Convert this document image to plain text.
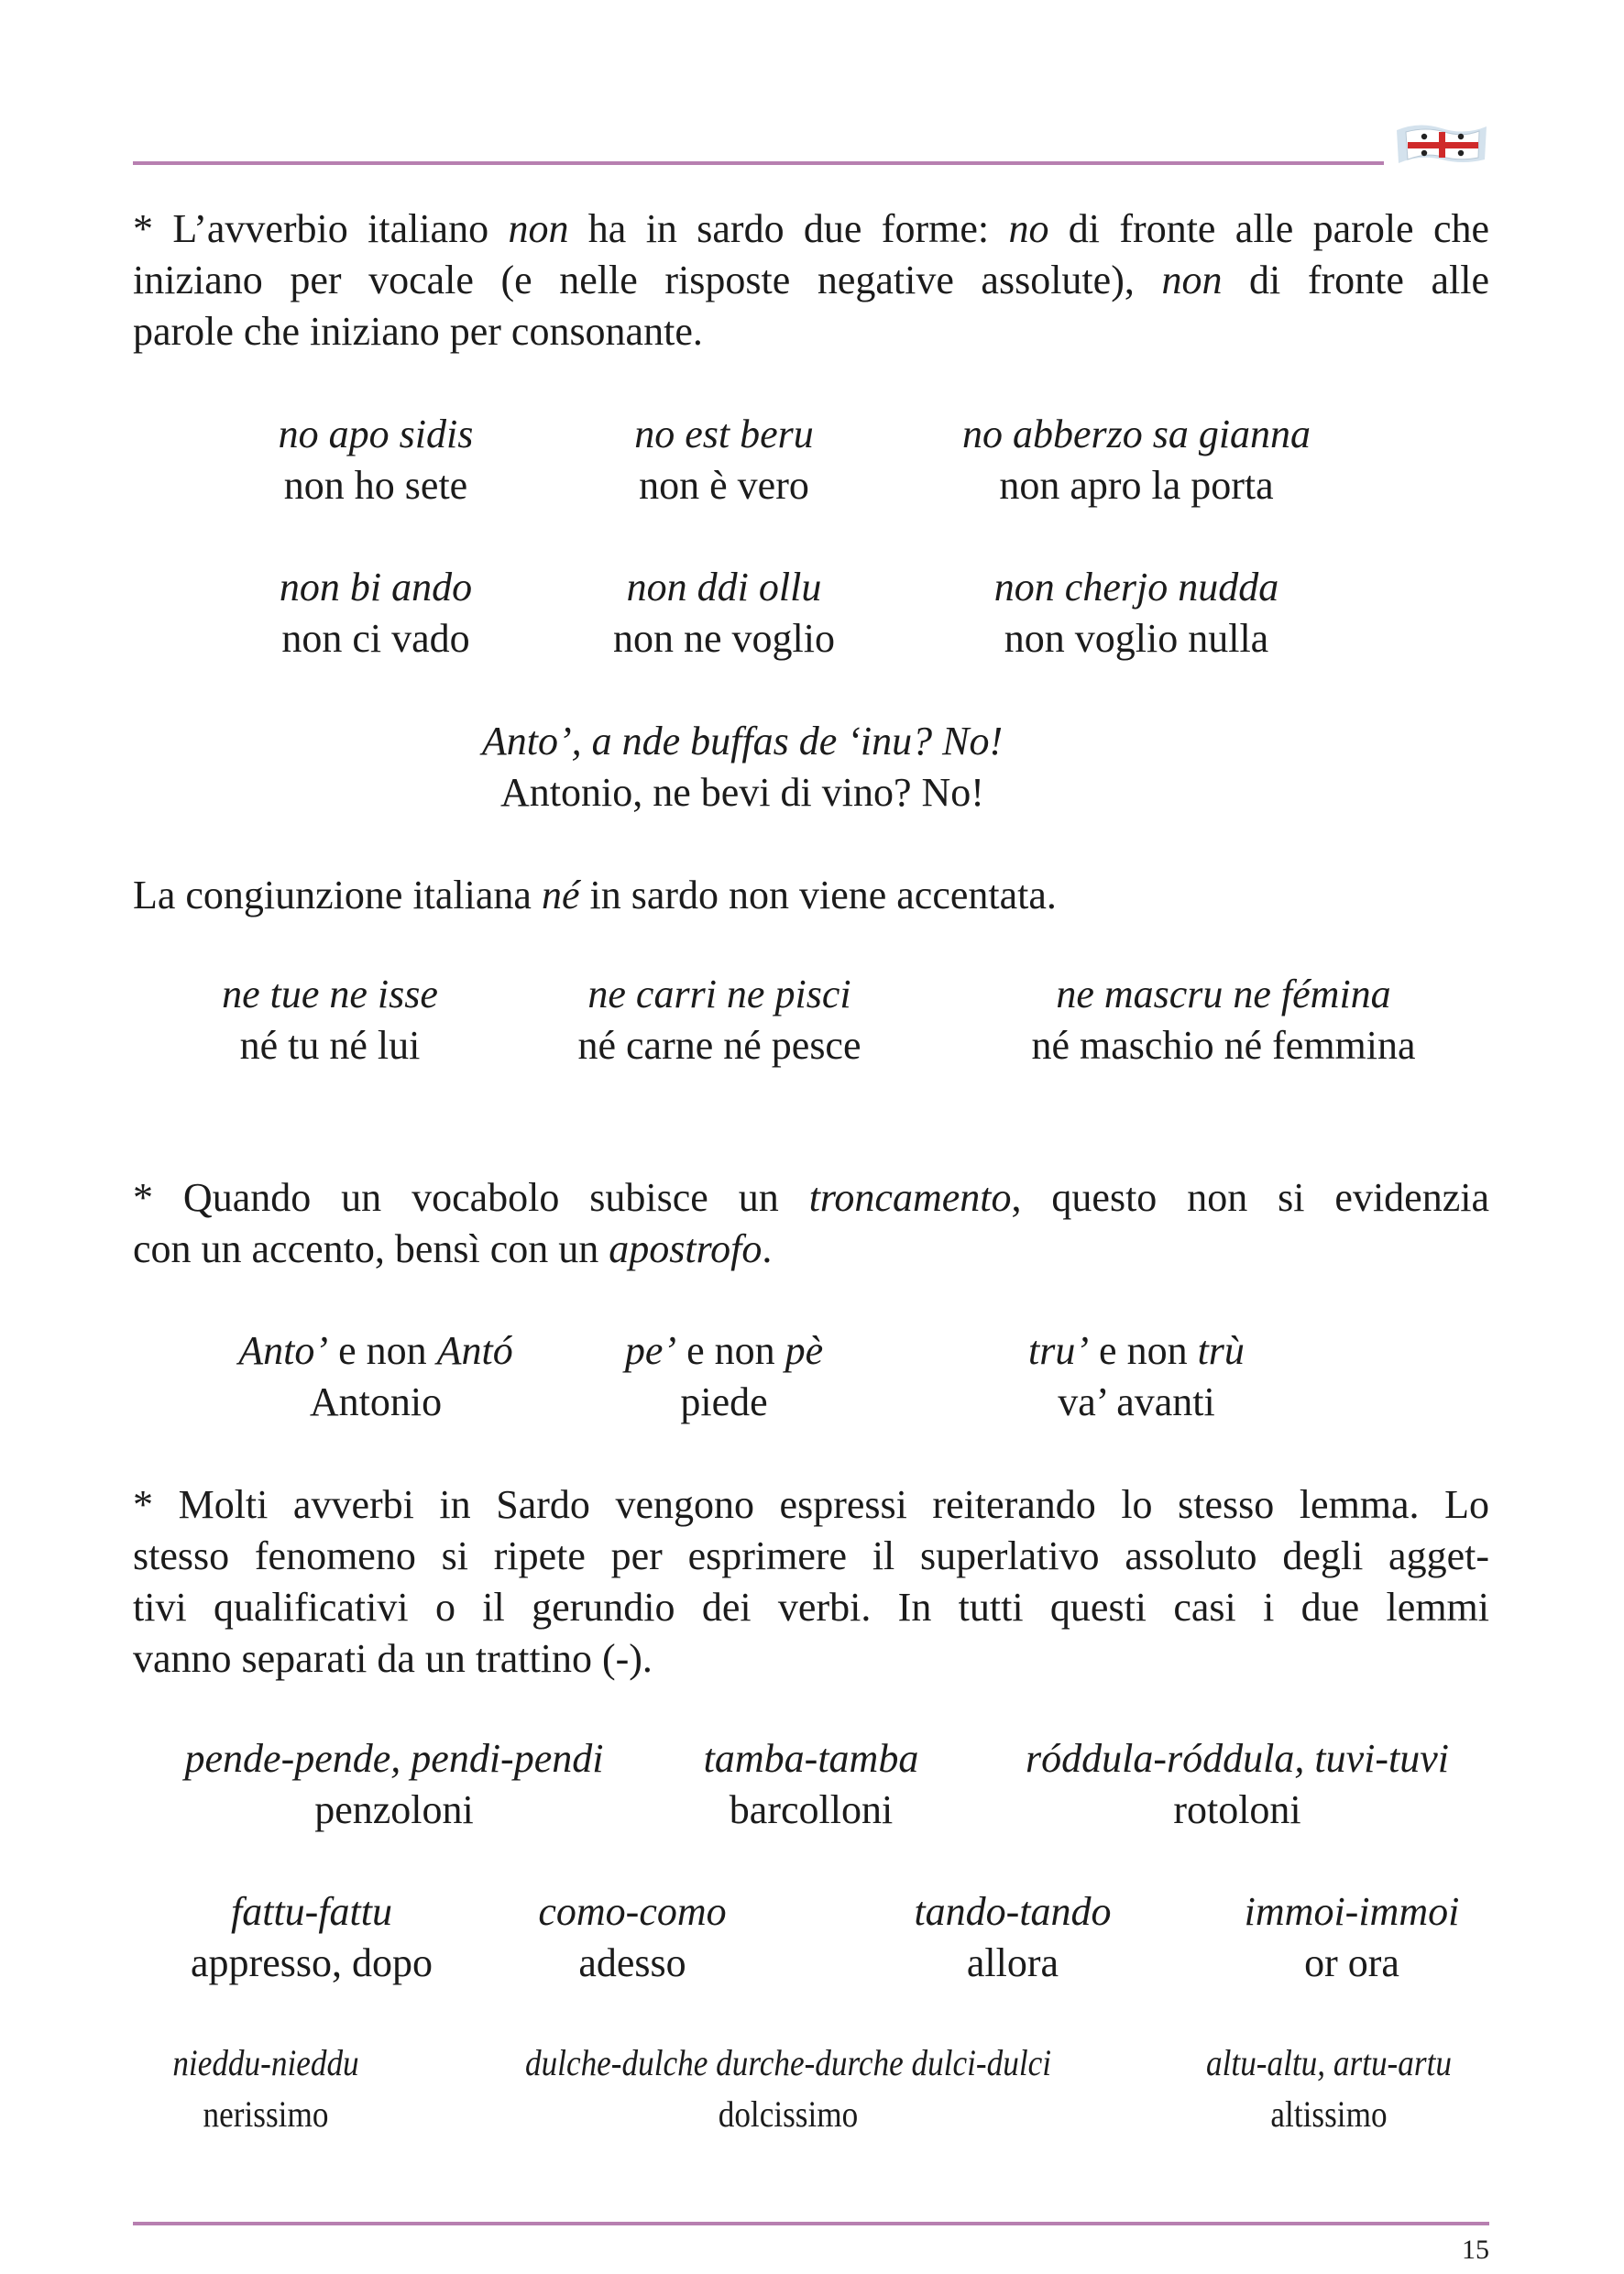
* L’avverbio italiano non ha in sardo due forme: no di fronte alle parole che
iniziano per vocale (e nelle risposte negative assolute), non di fronte alle
parole che iniziano per consonante.
no apo sidis
non ho sete
no est beru
non è vero
no abberzo sa gianna
non apro la porta
non bi ando
non ci vado
non ddi ollu
non ne voglio
non cherjo nudda
non voglio nulla
Anto’, a nde buffas de ‘inu? No!
Antonio, ne bevi di vino? No!
La congiunzione italiana né in sardo non viene accentata.
ne tue ne isse
né tu né lui
ne carri ne pisci
né carne né pesce
ne mascru ne fémina
né maschio né femmina
* Quando un vocabolo subisce un troncamento, questo non si evidenzia
con un accento, bensì con un apostrofo.
Anto’ e non Antó
Antonio
pe’ e non pè
piede
tru’ e non trù
va’ avanti
* Molti avverbi in Sardo vengono espressi reiterando lo stesso lemma. Lo
stesso fenomeno si ripete per esprimere il superlativo assoluto degli agget-
tivi qualificativi o il gerundio dei verbi. In tutti questi casi i due lemmi
vanno separati da un trattino (-).
pende-pende, pendi-pendi
penzoloni
tamba-tamba
barcolloni
róddula-róddula, tuvi-tuvi
rotoloni
fattu-fattu
appresso, dopo
como-como
adesso
tando-tando
allora
immoi-immoi
or ora
nieddu-nieddu
nerissimo
dulche-dulche durche-durche dulci-dulci
dolcissimo
altu-altu, artu-artu
altissimo
15
